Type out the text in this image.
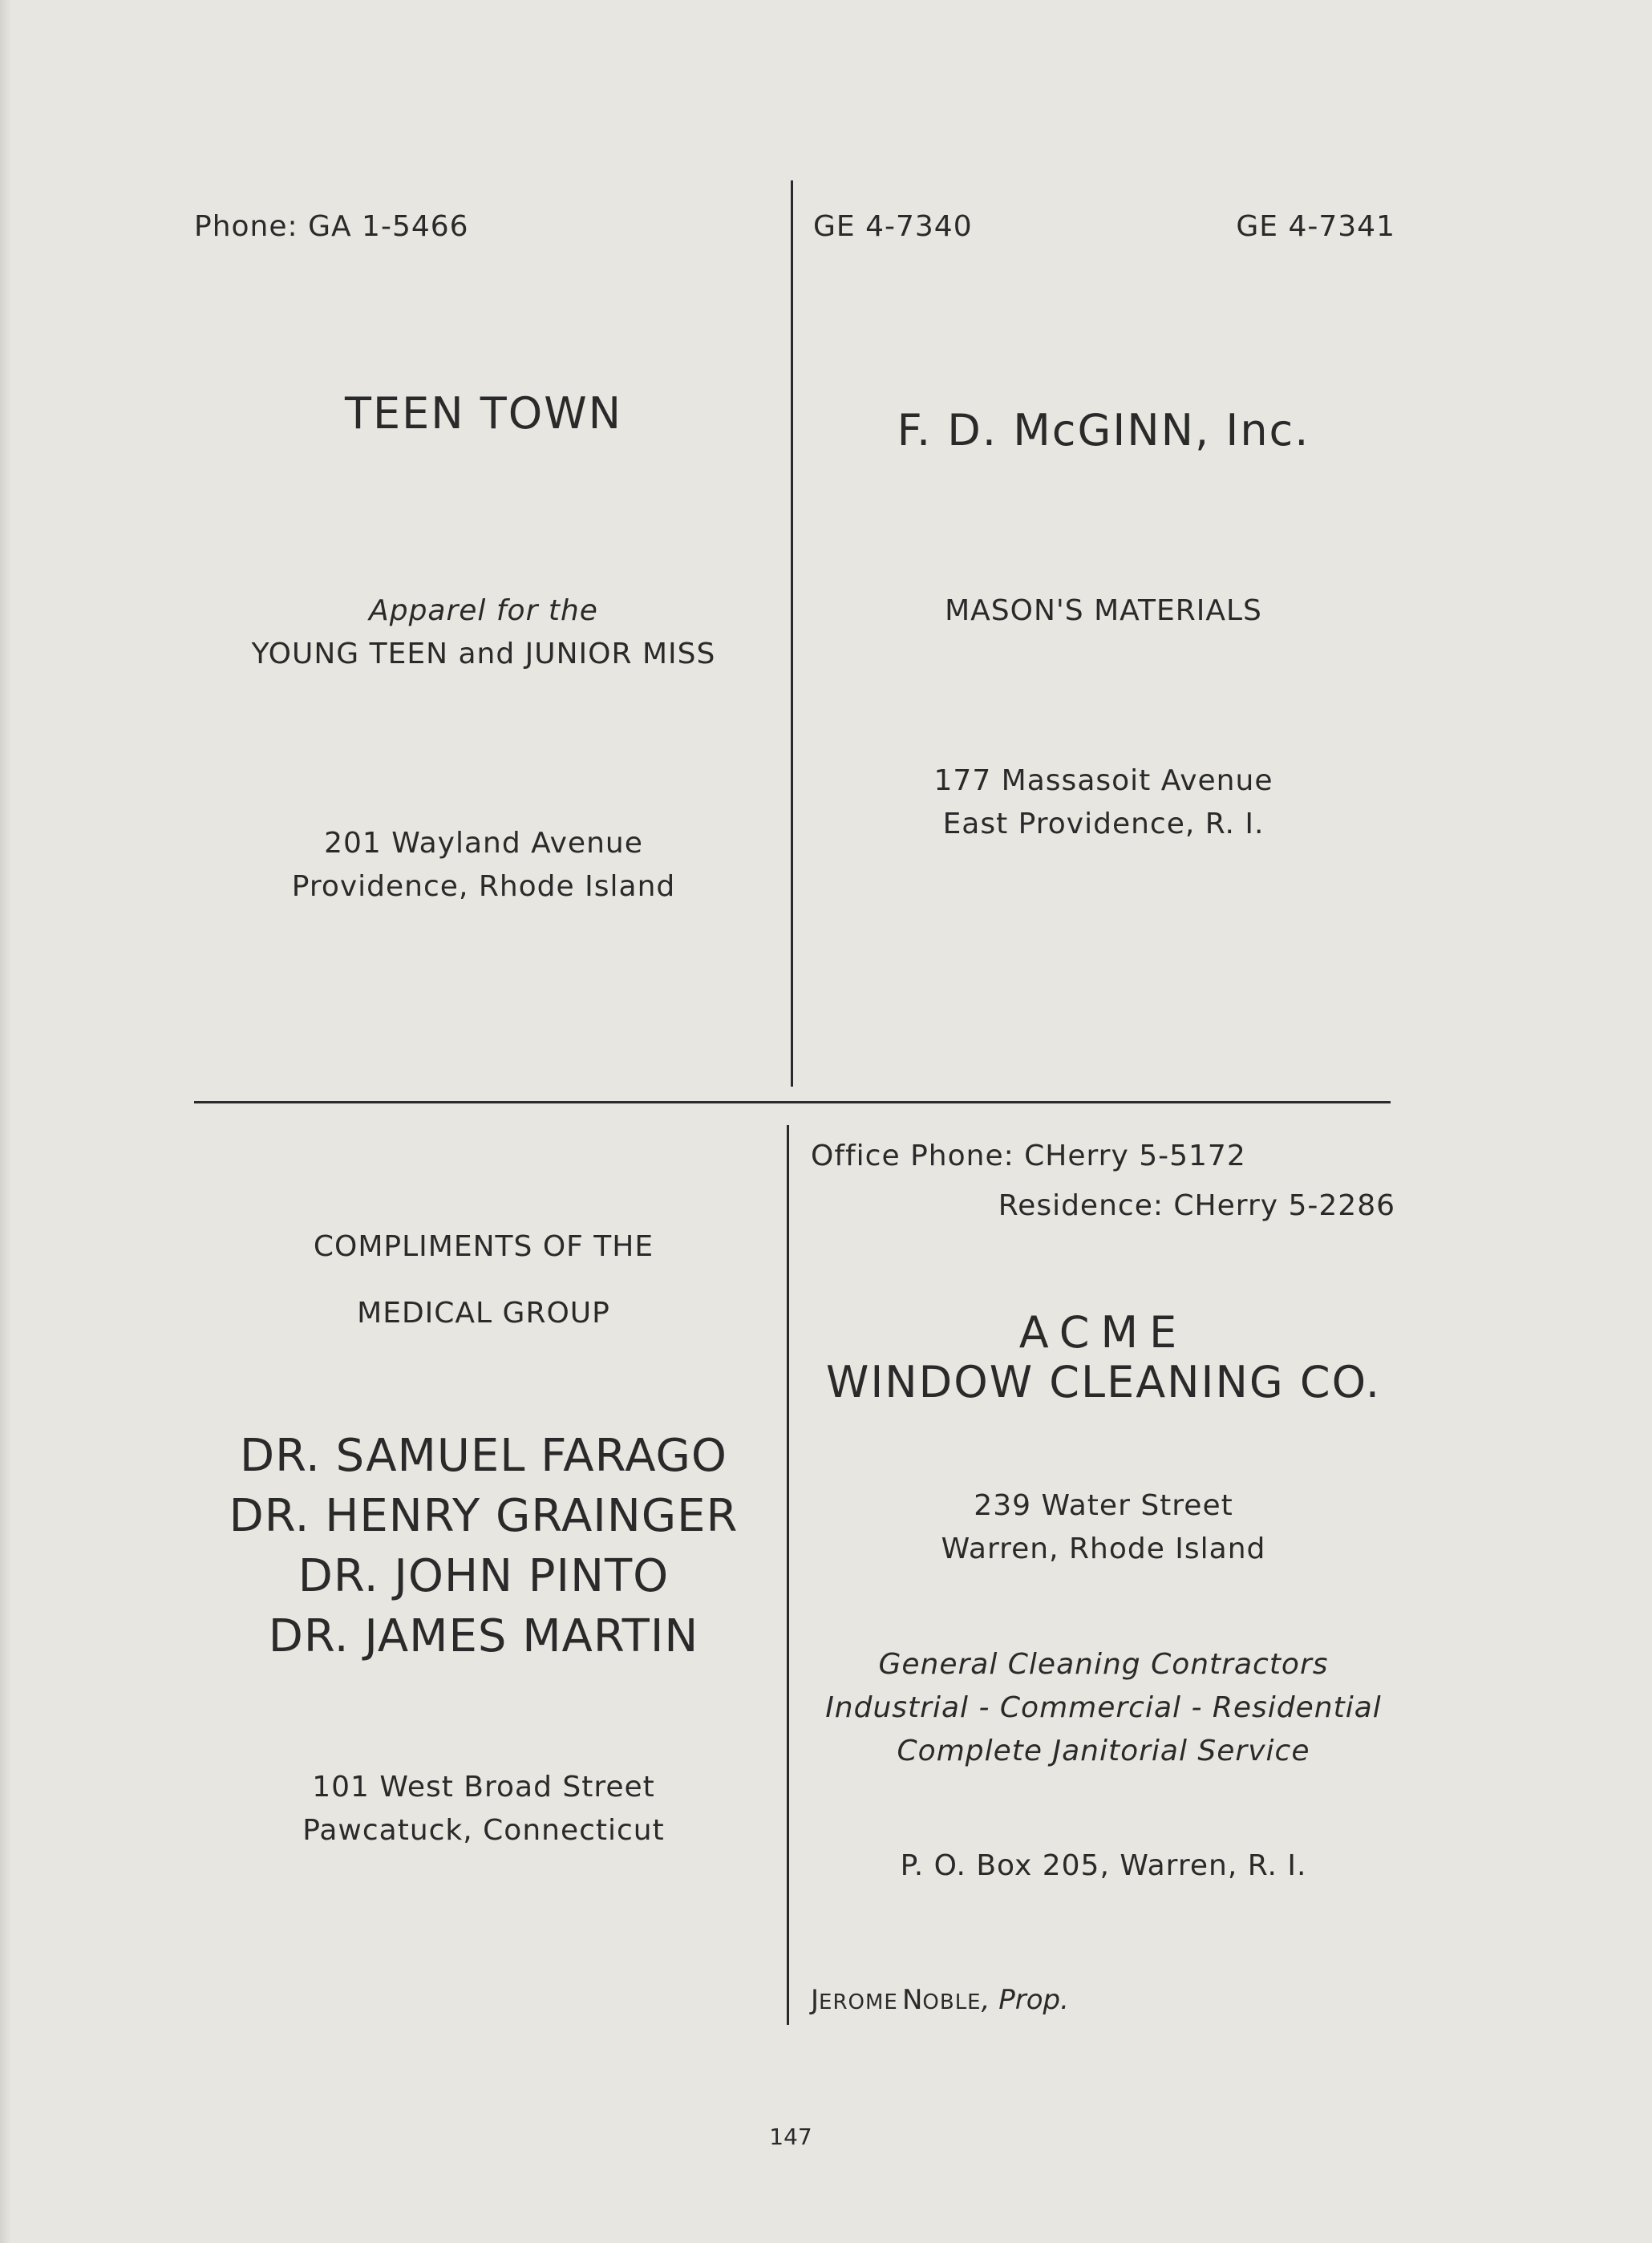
Phone: GA 1-5466
TEEN TOWN
Apparel for the
YOUNG TEEN and JUNIOR MISS
201 Wayland Avenue
Providence, Rhode Island
GE 4-7340	GE 4-7341
F. D. McGINN, Inc.
MASON'S MATERIALS
177 Massasoit Avenue
East Providence, R. I.
COMPLIMENTS OF THE
MEDICAL GROUP
DR. SAMUEL FARAGO
DR. HENRY GRAINGER
DR. JOHN PINTO
DR. JAMES MARTIN
101 West Broad Street
Pawcatuck, Connecticut
Office Phone: CHerry 5-5172
Residence: CHerry 5-2286
ACME
WINDOW CLEANING CO.
239 Water Street
Warren, Rhode Island
General Cleaning Contractors
Industrial - Commercial - Residential
Complete Janitorial Service
P. O. Box 205, Warren, R. I.
JEROME NOBLE, Prop.
147
